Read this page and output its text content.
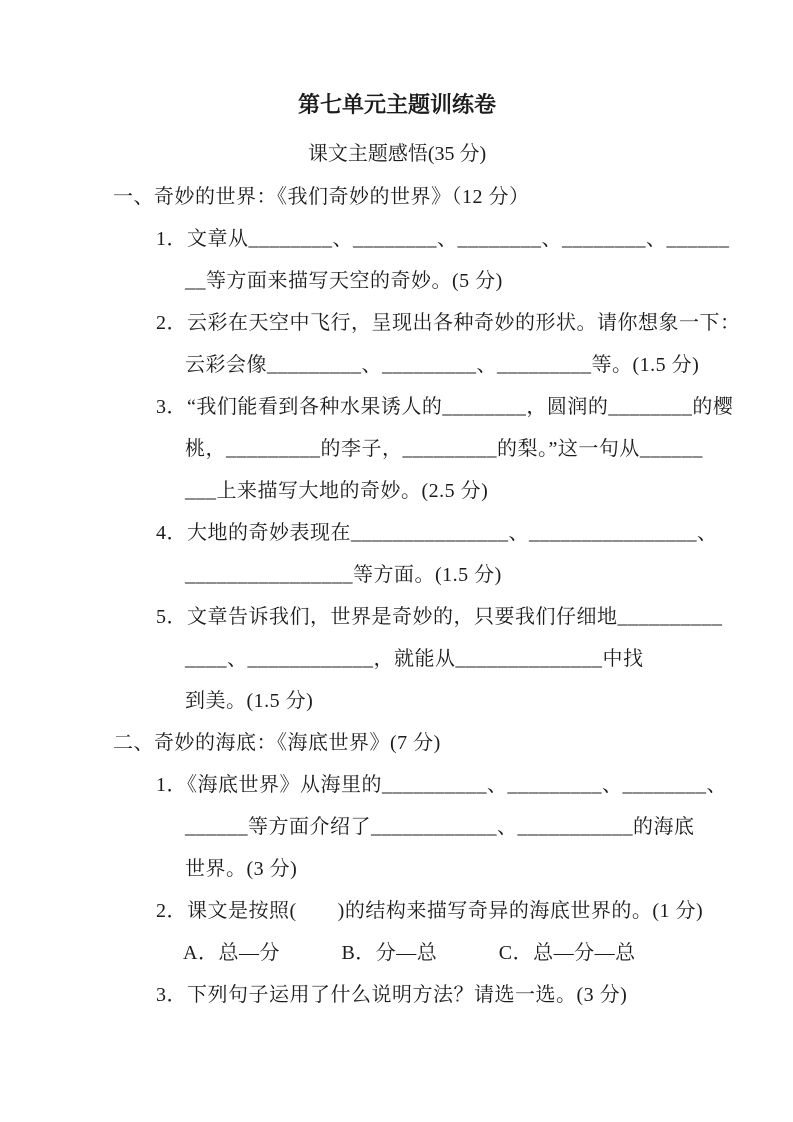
第七单元主题训练卷
课文主题感悟(35 分)
一、奇妙的世界：《我们奇妙的世界》（12 分）
1．文章从________、________、________、________、______
__等方面来描写天空的奇妙。(5 分)
2．云彩在天空中飞行，呈现出各种奇妙的形状。请你想象一下：
云彩会像_________、_________、_________等。(1.5 分)
3．“我们能看到各种水果诱人的________，圆润的________的樱
桃，_________的李子，_________的梨。”这一句从______
___上来描写大地的奇妙。(2.5 分)
4．大地的奇妙表现在_______________、________________、
________________等方面。(1.5 分)
5．文章告诉我们，世界是奇妙的，只要我们仔细地__________
____、____________，就能从______________中找
到美。(1.5 分)
二、奇妙的海底：《海底世界》(7 分)
1．《海底世界》从海里的__________、_________、________、
______等方面介绍了____________、___________的海底
世界。(3 分)
2．课文是按照(　　)的结构来描写奇异的海底世界的。(1 分)
A．总—分　　　B．分—总　　　C．总—分—总
3．下列句子运用了什么说明方法？请选一选。(3 分)
